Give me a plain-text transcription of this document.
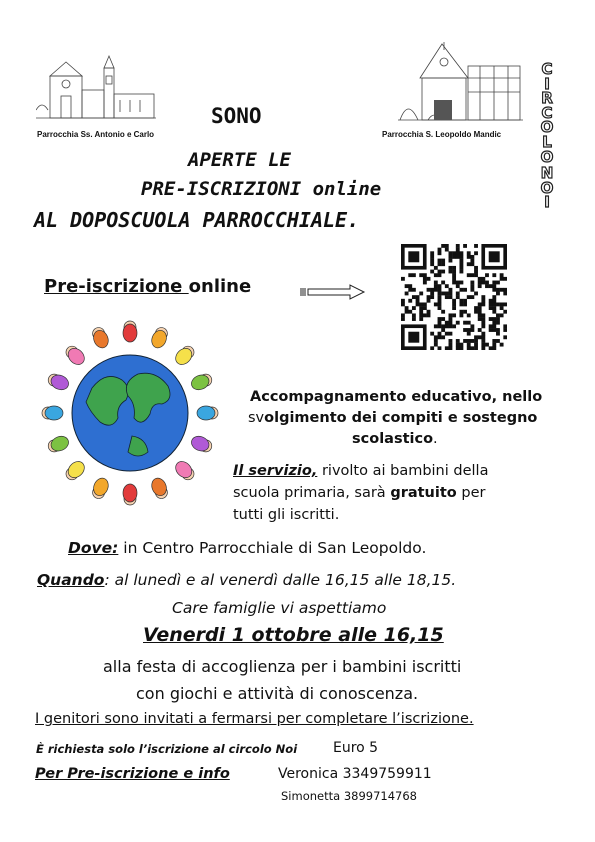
Parrocchia Ss. Antonio e Carlo	Parrocchia S. Leopoldo Mandic
C
I
R
C
O
L
O
N
O
I
SONO
APERTE LE
PRE-ISCRIZIONI online
AL DOPOSCUOLA PARROCCHIALE.
Pre-iscrizione online
Accompagnamento educativo, nello
svolgimento dei compiti e sostegno
scolastico.
Il servizio, rivolto ai bambini della
scuola primaria, sarà gratuito per
tutti gli iscritti.
Dove: in Centro Parrocchiale di San Leopoldo.
Quando: al lunedì e al venerdì dalle 16,15 alle 18,15.
Care famiglie vi aspettiamo
Venerdi 1 ottobre alle 16,15
alla festa di accoglienza per i bambini iscritti
con giochi e attività di conoscenza.
I genitori sono invitati a fermarsi per completare l’iscrizione.
È richiesta solo l’iscrizione al circolo Noi	Euro 5
Per Pre-iscrizione e info	Veronica 3349759911
Simonetta 3899714768
